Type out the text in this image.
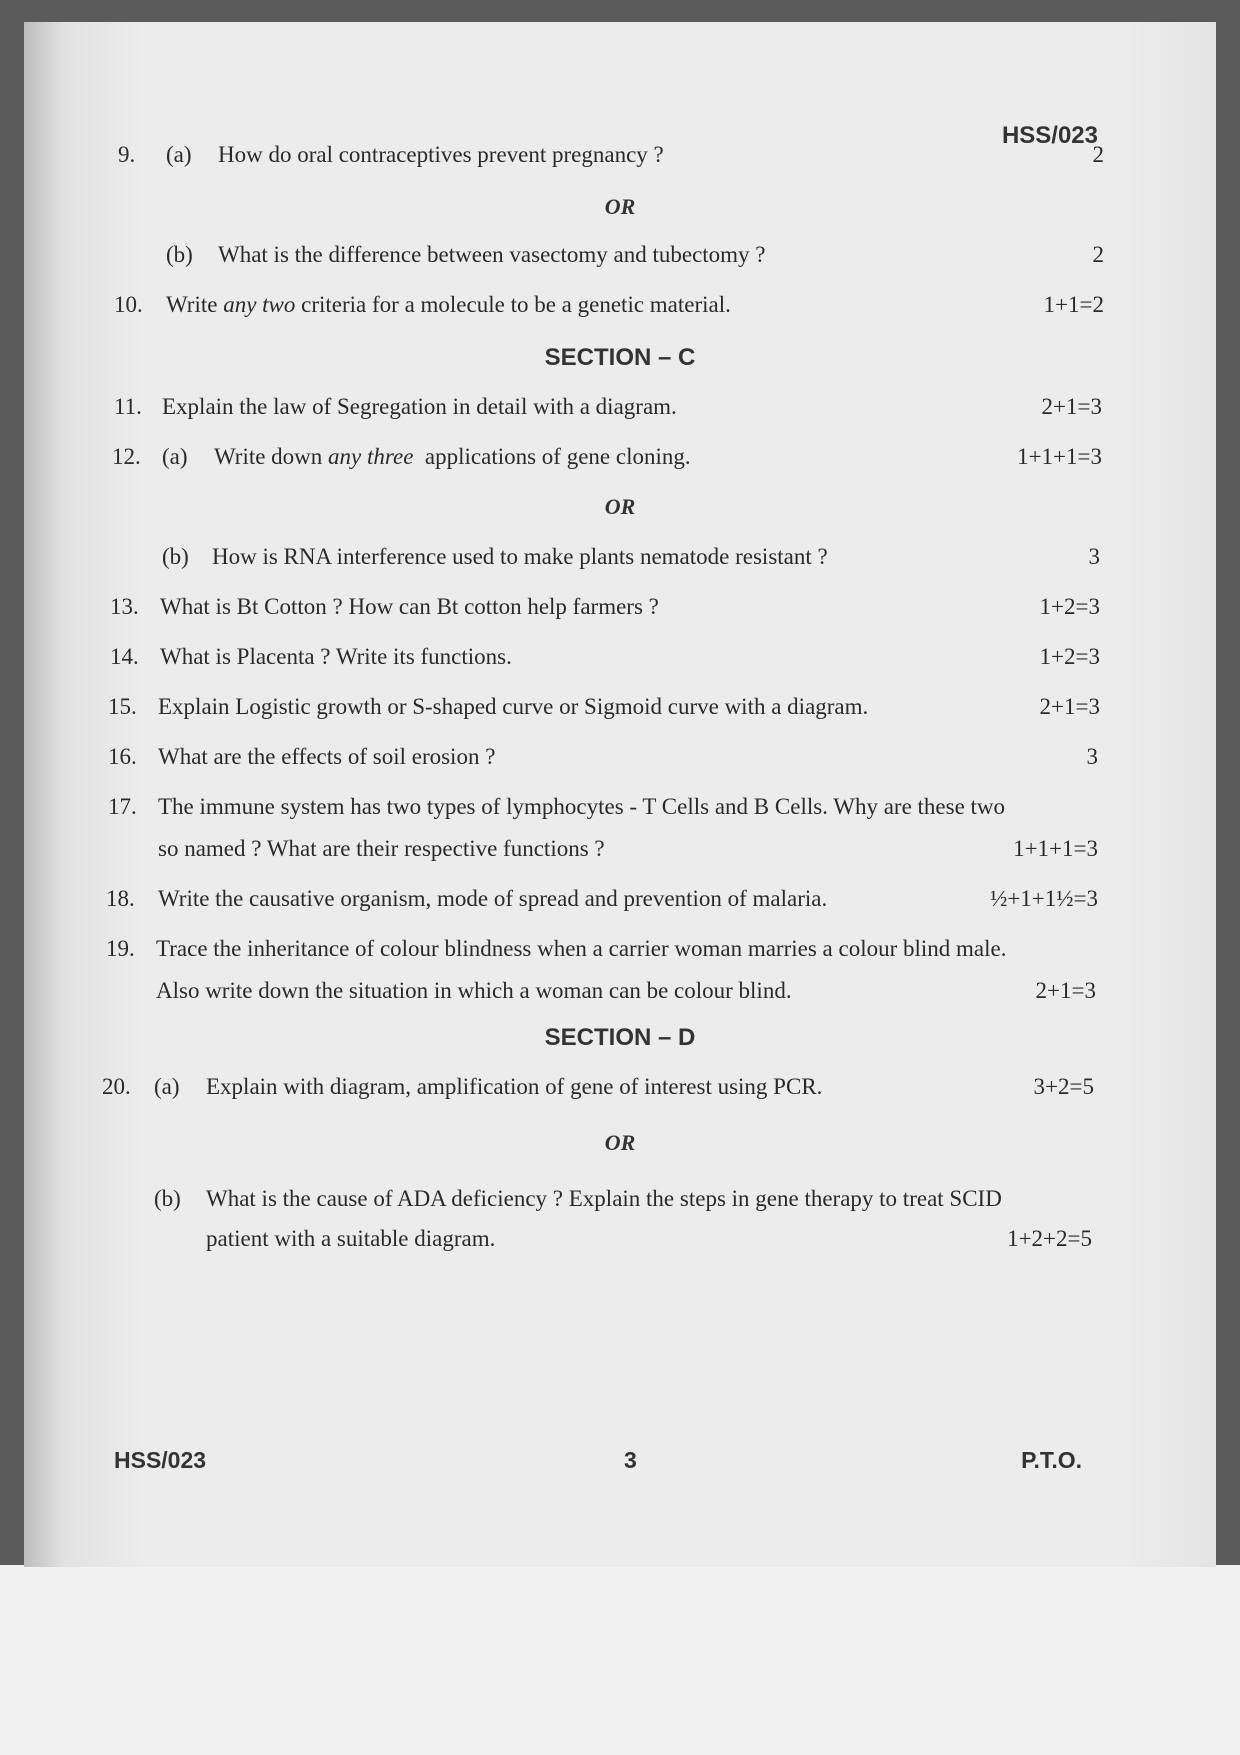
HSS/023
9. (a) How do oral contraceptives prevent pregnancy ?	2
OR
(b) What is the difference between vasectomy and tubectomy ?	2
10. Write any two criteria for a molecule to be a genetic material.	1+1=2
SECTION – C
11. Explain the law of Segregation in detail with a diagram.	2+1=3
12. (a) Write down any three  applications of gene cloning.	1+1+1=3
OR
(b) How is RNA interference used to make plants nematode resistant ?	3
13. What is Bt Cotton ? How can Bt cotton help farmers ?	1+2=3
14. What is Placenta ? Write its functions.	1+2=3
15. Explain Logistic growth or S-shaped curve or Sigmoid curve with a diagram.	2+1=3
16. What are the effects of soil erosion ?	3
17. The immune system has two types of lymphocytes - T Cells and B Cells. Why are these two
so named ? What are their respective functions ?	1+1+1=3
18. Write the causative organism, mode of spread and prevention of malaria.	½+1+1½=3
19. Trace the inheritance of colour blindness when a carrier woman marries a colour blind male.
Also write down the situation in which a woman can be colour blind.	2+1=3
SECTION – D
20. (a) Explain with diagram, amplification of gene of interest using PCR.	3+2=5
OR
(b) What is the cause of ADA deficiency ? Explain the steps in gene therapy to treat SCID
patient with a suitable diagram.	1+2+2=5
HSS/023	3	P.T.O.
